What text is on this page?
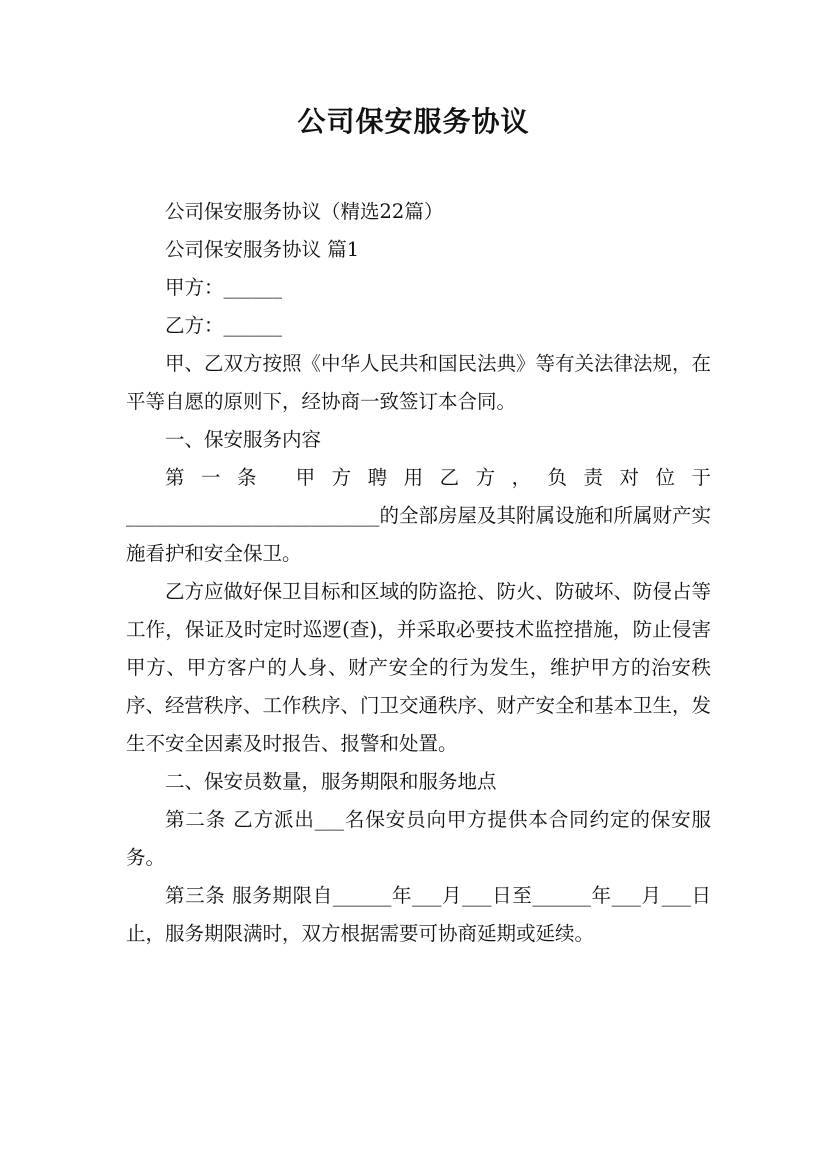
公司保安服务协议

公司保安服务协议（精选22篇）

公司保安服务协议 篇1

甲方：______

乙方：______

甲、乙双方按照《中华人民共和国民法典》等有关法律法规，在平等自愿的原则下，经协商一致签订本合同。

一、保安服务内容

第一条 甲方聘用乙方，负责对位于

__________________________的全部房屋及其附属设施和所属财产实施看护和安全保卫。

乙方应做好保卫目标和区域的防盗抢、防火、防破坏、防侵占等工作，保证及时定时巡逻(查)，并采取必要技术监控措施，防止侵害甲方、甲方客户的人身、财产安全的行为发生，维护甲方的治安秩序、经营秩序、工作秩序、门卫交通秩序、财产安全和基本卫生，发生不安全因素及时报告、报警和处置。

二、保安员数量，服务期限和服务地点

第二条 乙方派出___名保安员向甲方提供本合同约定的保安服务。

第三条 服务期限自______年___月___日至______年___月___日止，服务期限满时，双方根据需要可协商延期或延续。
